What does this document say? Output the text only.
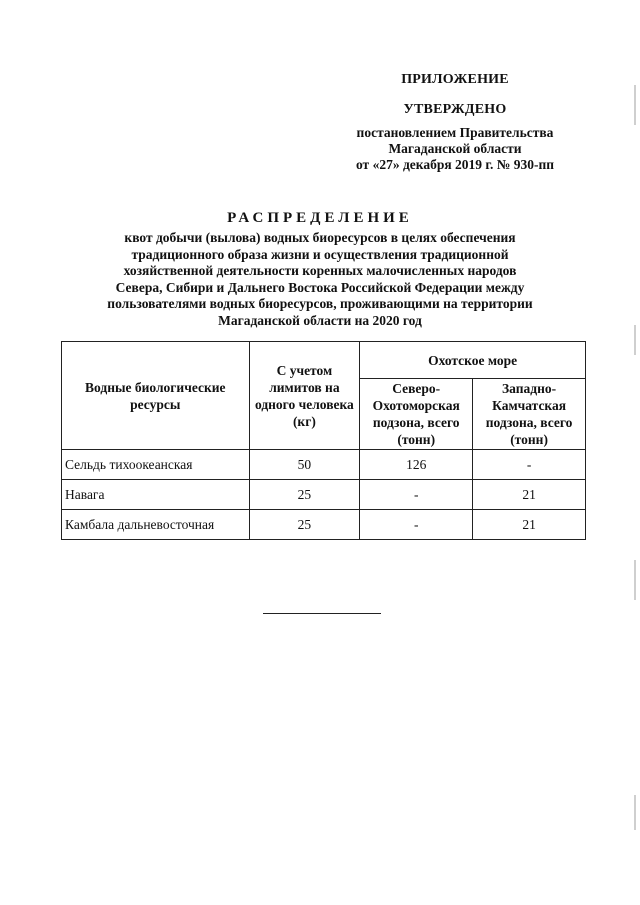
ПРИЛОЖЕНИЕ
УТВЕРЖДЕНО
постановлением Правительства
Магаданской области
от «27» декабря 2019 г. № 930-пп
РАСПРЕДЕЛЕНИЕ
квот добычи (вылова) водных биоресурсов в целях обеспечения
традиционного образа жизни и осуществления традиционной
хозяйственной деятельности коренных малочисленных народов
Севера, Сибири и Дальнего Востока Российской Федерации между
пользователями водных биоресурсов, проживающими на территории
Магаданской области на 2020 год
Водные биологические ресурсы	С учетом лимитов на одного человека (кг)	Охотское море	
		Северо-Охотоморская подзона, всего (тонн)	Западно-Камчатская подзона, всего (тонн)
Сельдь тихоокеанская	50	126	-
Навага	25	-	21
Камбала дальневосточная	25	-	21
